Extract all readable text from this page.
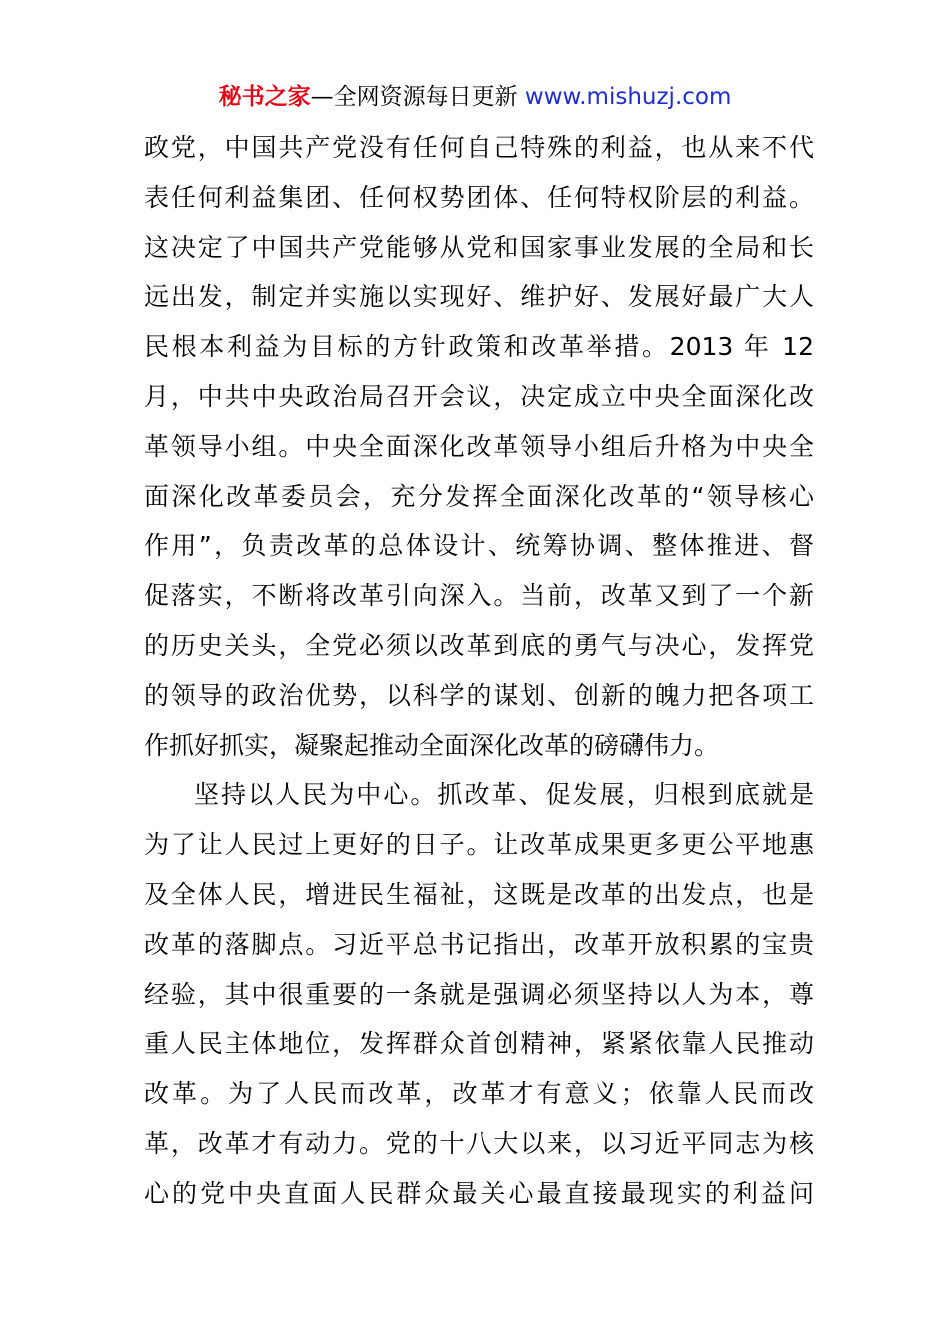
秘书之家—全网资源每日更新 www.mishuzj.com
政党，中国共产党没有任何自己特殊的利益，也从来不代
表任何利益集团、任何权势团体、任何特权阶层的利益。
这决定了中国共产党能够从党和国家事业发展的全局和长
远出发，制定并实施以实现好、维护好、发展好最广大人
民根本利益为目标的方针政策和改革举措。2013 年 12
月，中共中央政治局召开会议，决定成立中央全面深化改
革领导小组。中央全面深化改革领导小组后升格为中央全
面深化改革委员会，充分发挥全面深化改革的“领导核心
作用”，负责改革的总体设计、统筹协调、整体推进、督
促落实，不断将改革引向深入。当前，改革又到了一个新
的历史关头，全党必须以改革到底的勇气与决心，发挥党
的领导的政治优势，以科学的谋划、创新的魄力把各项工
作抓好抓实，凝聚起推动全面深化改革的磅礴伟力。
坚持以人民为中心。抓改革、促发展，归根到底就是
为了让人民过上更好的日子。让改革成果更多更公平地惠
及全体人民，增进民生福祉，这既是改革的出发点，也是
改革的落脚点。习近平总书记指出，改革开放积累的宝贵
经验，其中很重要的一条就是强调必须坚持以人为本，尊
重人民主体地位，发挥群众首创精神，紧紧依靠人民推动
改革。为了人民而改革，改革才有意义；依靠人民而改
革，改革才有动力。党的十八大以来，以习近平同志为核
心的党中央直面人民群众最关心最直接最现实的利益问
